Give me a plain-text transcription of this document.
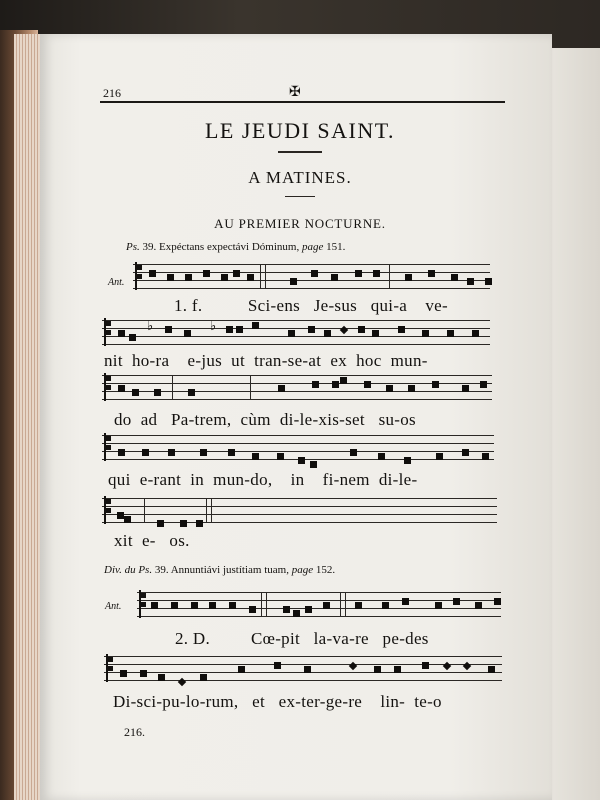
216	✠
LE JEUDI SAINT.
A MATINES.
AU PREMIER NOCTURNE.
Ps. 39. Expéctans expectávi Dóminum, page 151.
Ant.
1. f.          Sci-ens   Je-sus   qui-a    ve-
♭	♭
nit  ho-ra    e-jus  ut  tran-se-at  ex  hoc  mun-
do  ad   Pa-trem,  cùm  di-le-xis-set   su-os
qui  e-rant  in  mun-do,    in    fi-nem  di-le-
xit  e-   os.
Div. du Ps. 39. Annuntiávi justítiam tuam, page 152.
Ant.
2. D.         Cœ-pit   la-va-re   pe-des
Di-sci-pu-lo-rum,   et   ex-ter-ge-re    lin-  te-o
216.
